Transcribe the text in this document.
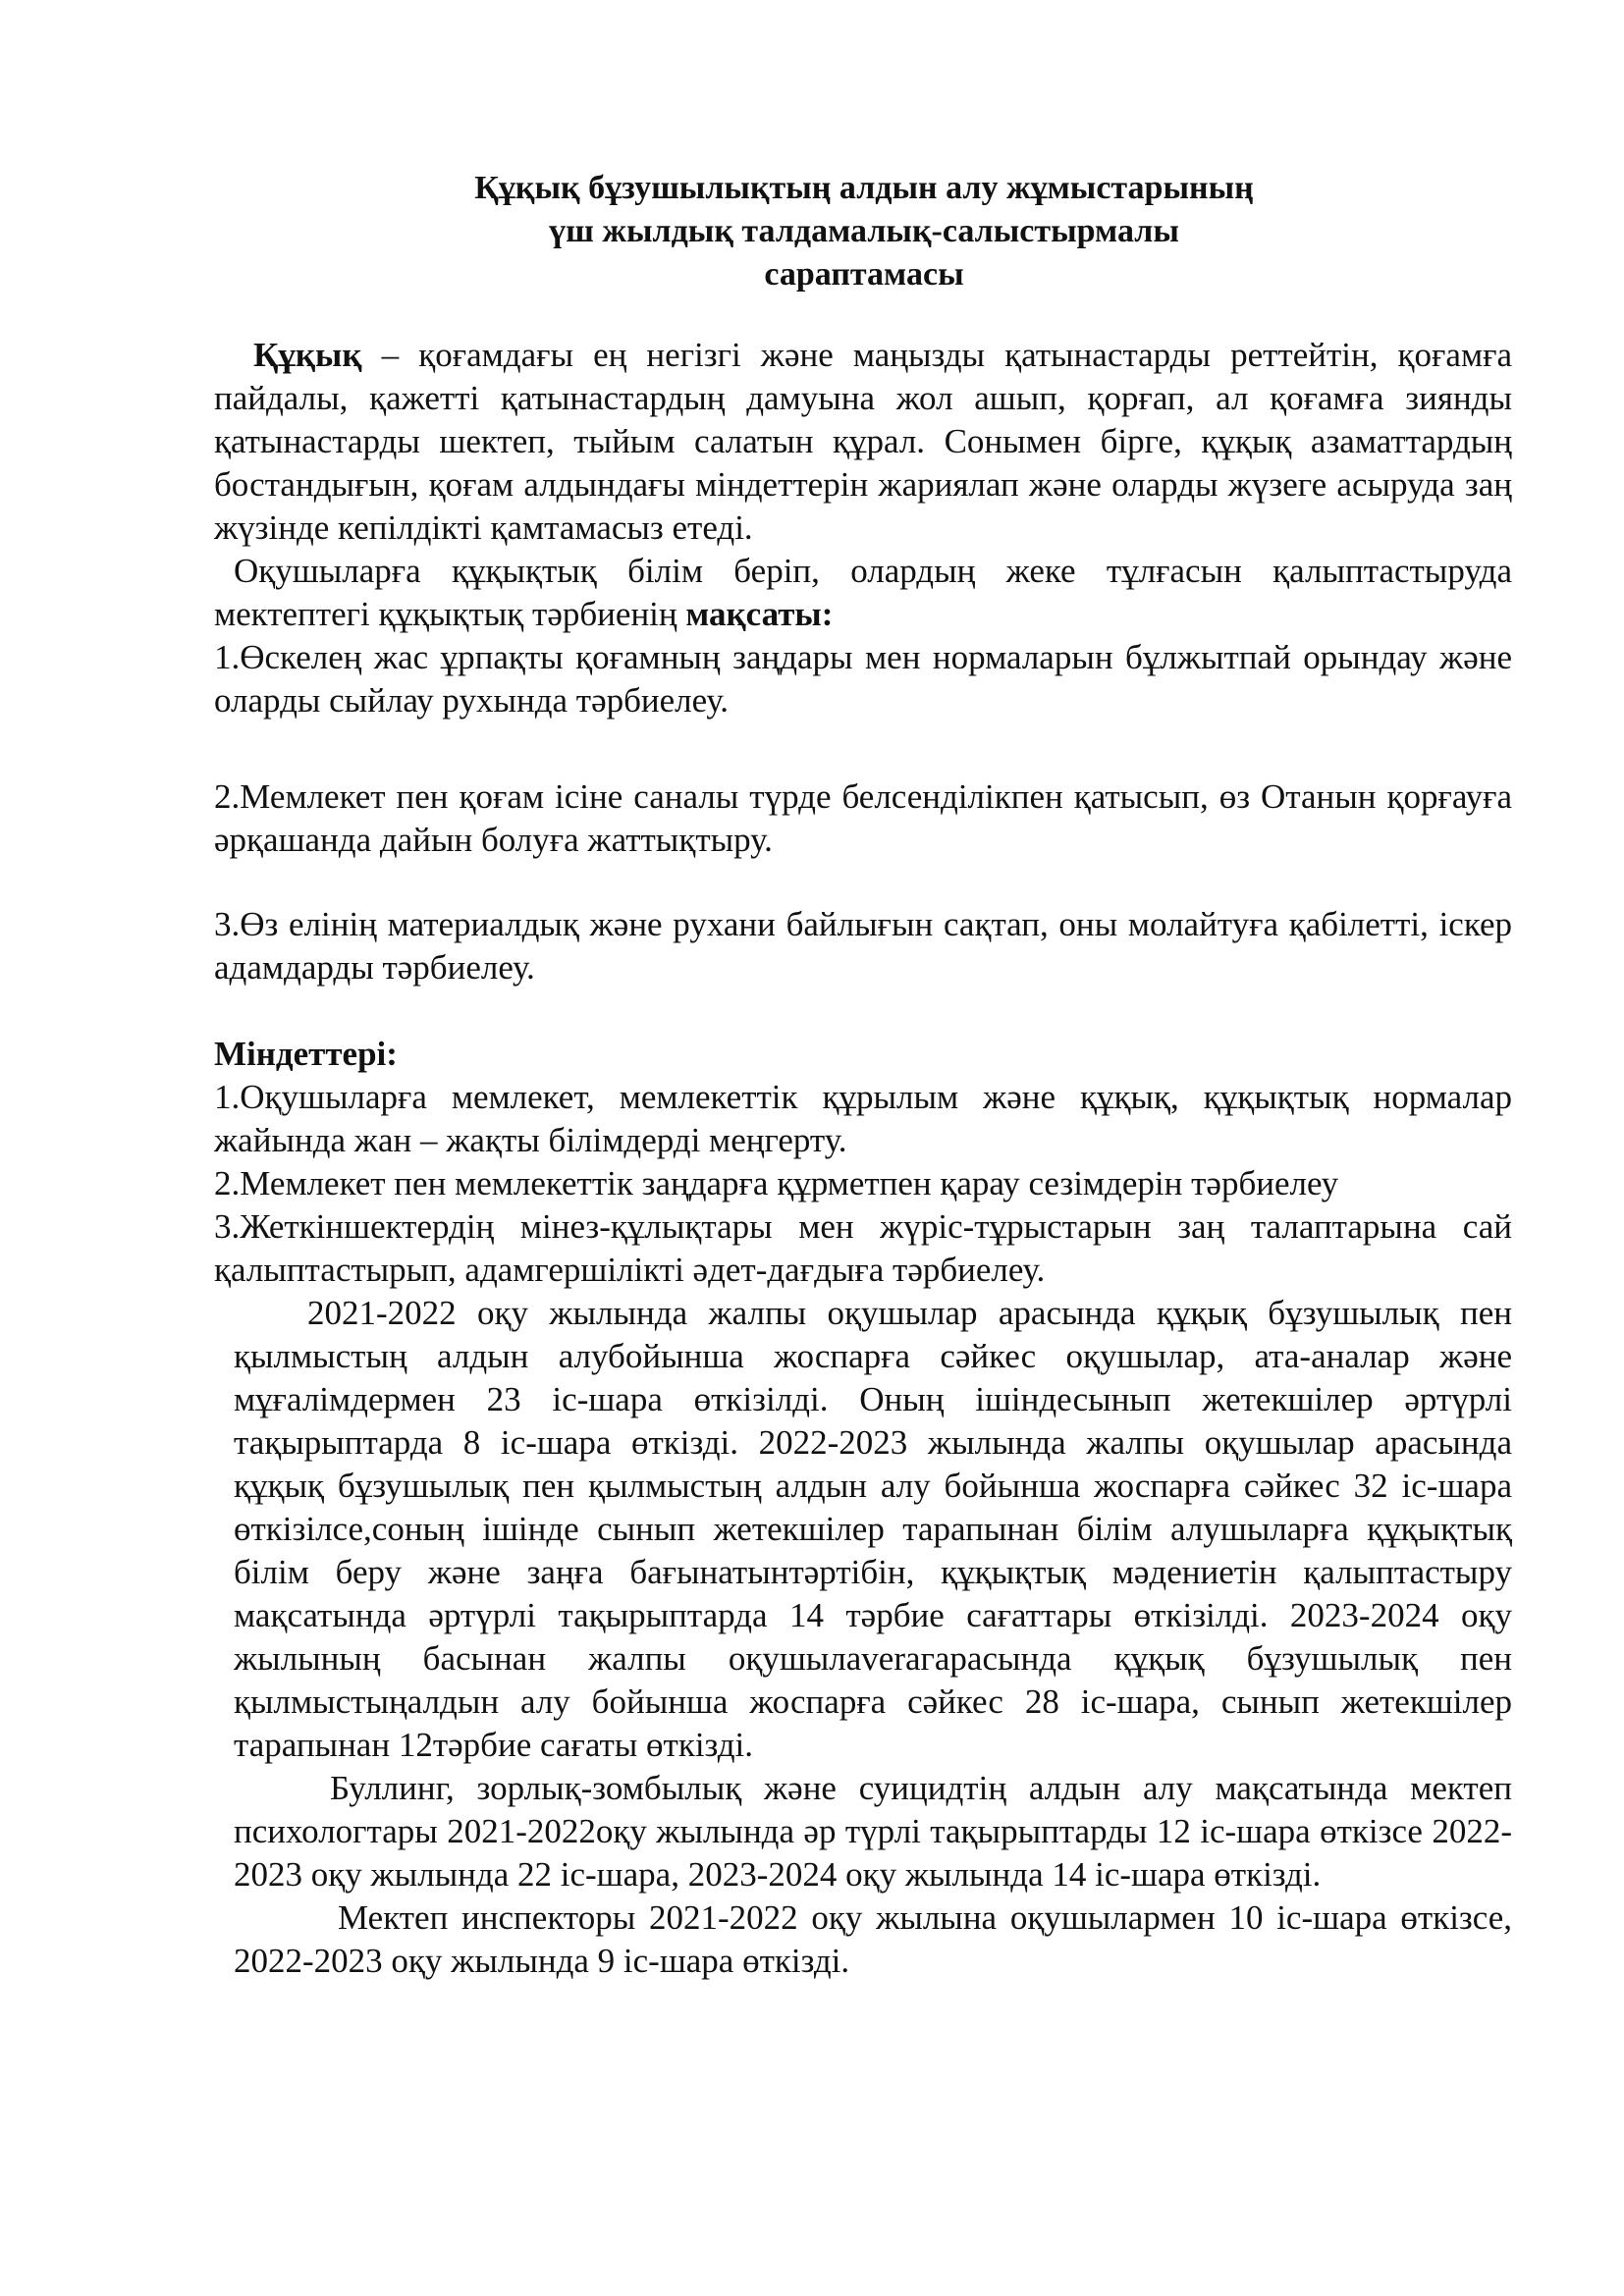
Құқық бұзушылықтың алдын алу жұмыстарының
үш жылдық талдамалық-салыстырмалы
сараптамасы

Құқық – қоғамдағы ең негізгі және маңызды қатынастарды реттейтін, қоғамға пайдалы, қажетті қатынастардың дамуына жол ашып, қорғап, ал қоғамға зиянды қатынастарды шектеп, тыйым салатын құрал. Сонымен бірге, құқық азаматтардың бостандығын, қоғам алдындағы міндеттерін жариялап және оларды жүзеге асыруда заң жүзінде кепілдікті қамтамасыз етеді.

Оқушыларға құқықтық білім беріп, олардың жеке тұлғасын қалыптастыруда мектептегі құқықтық тәрбиенің мақсаты:

1.Өскелең жас ұрпақты қоғамның заңдары мен нормаларын бұлжытпай орындау және оларды сыйлау рухында тәрбиелеу.

2.Мемлекет пен қоғам ісіне саналы түрде белсенділікпен қатысып, өз Отанын қорғауға әрқашанда дайын болуға жаттықтыру.

3.Өз елінің материалдық және рухани байлығын сақтап, оны молайтуға қабілетті, іскер адамдарды тәрбиелеу.

Міндеттері:

1.Оқушыларға мемлекет, мемлекеттік құрылым және құқық, құқықтық нормалар жайында жан – жақты білімдерді меңгерту.

2.Мемлекет пен мемлекеттік заңдарға құрметпен қарау сезімдерін тәрбиелеу

3.Жеткіншектердің мінез-құлықтары мен жүріс-тұрыстарын заң талаптарына сай қалыптастырып, адамгершілікті әдет-дағдыға тәрбиелеу.

2021-2022 оқу жылында жалпы оқушылар арасында құқық бұзушылық пен қылмыстың алдын алубойынша жоспарға сәйкес оқушылар, ата-аналар және мұғалімдермен 23 іс-шара өткізілді. Оның ішіндесынып жетекшілер әртүрлі тақырыптарда 8 іс-шара өткізді. 2022-2023 жылында жалпы оқушылар арасында құқық бұзушылық пен қылмыстың алдын алу бойынша жоспарға сәйкес 32 іс-шара өткізілсе,соның ішінде сынып жетекшілер тарапынан білім алушыларға құқықтық білім беру және заңға бағынатынтәртібін, құқықтық мәдениетін қалыптастыру мақсатында әртүрлі тақырыптарда 14 тәрбие сағаттары өткізілді. 2023-2024 оқу жылының басынан жалпы оқушылaverагарасында құқық бұзушылық пен қылмыстыңалдын алу бойынша жоспарға сәйкес 28 іс-шара, сынып жетекшілер тарапынан 12тәрбие сағаты өткізді.

Буллинг, зорлық-зомбылық және суицидтің алдын алу мақсатында мектеп психологтары 2021-2022оқу жылында әр түрлі тақырыптарды 12 іс-шара өткізсе 2022-2023 оқу жылында 22 іс-шара, 2023-2024 оқу жылында 14 іс-шара өткізді.

Мектеп инспекторы 2021-2022 оқу жылына оқушылармен 10 іс-шара өткізсе, 2022-2023 оқу жылында 9 іс-шара өткізді.
